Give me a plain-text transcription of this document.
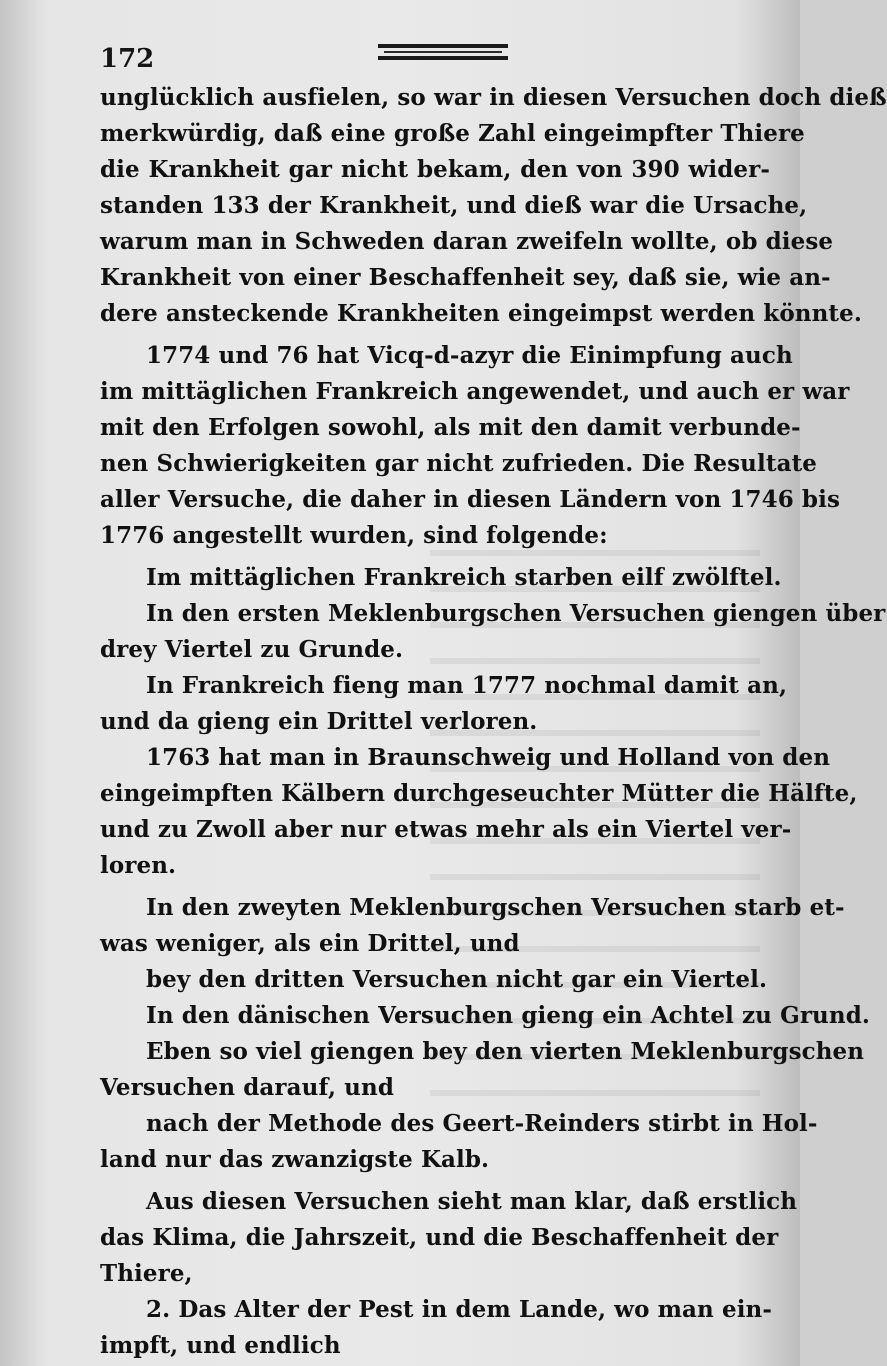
172
unglücklich ausfielen, so war in diesen Versuchen doch dieß
merkwürdig, daß eine große Zahl eingeimpfter Thiere
die Krankheit gar nicht bekam, den von 390 wider-
standen 133 der Krankheit, und dieß war die Ursache,
warum man in Schweden daran zweifeln wollte, ob diese
Krankheit von einer Beschaffenheit sey, daß sie, wie an-
dere ansteckende Krankheiten eingeimpst werden könnte.
1774 und 76 hat Vicq-d-azyr die Einimpfung auch
im mittäglichen Frankreich angewendet, und auch er war
mit den Erfolgen sowohl, als mit den damit verbunde-
nen Schwierigkeiten gar nicht zufrieden. Die Resultate
aller Versuche, die daher in diesen Ländern von 1746 bis
1776 angestellt wurden, sind folgende:
Im mittäglichen Frankreich starben eilf zwölftel.
In den ersten Meklenburgschen Versuchen giengen über
drey Viertel zu Grunde.
In Frankreich fieng man 1777 nochmal damit an,
und da gieng ein Drittel verloren.
1763 hat man in Braunschweig und Holland von den
eingeimpften Kälbern durchgeseuchter Mütter die Hälfte,
und zu Zwoll aber nur etwas mehr als ein Viertel ver-
loren.
In den zweyten Meklenburgschen Versuchen starb et-
was weniger, als ein Drittel, und
bey den dritten Versuchen nicht gar ein Viertel.
In den dänischen Versuchen gieng ein Achtel zu Grund.
Eben so viel giengen bey den vierten Meklenburgschen
Versuchen darauf, und
nach der Methode des Geert-Reinders stirbt in Hol-
land nur das zwanzigste Kalb.
Aus diesen Versuchen sieht man klar, daß erstlich
das Klima, die Jahrszeit, und die Beschaffenheit der
Thiere,
2. Das Alter der Pest in dem Lande, wo man ein-
impft, und endlich
